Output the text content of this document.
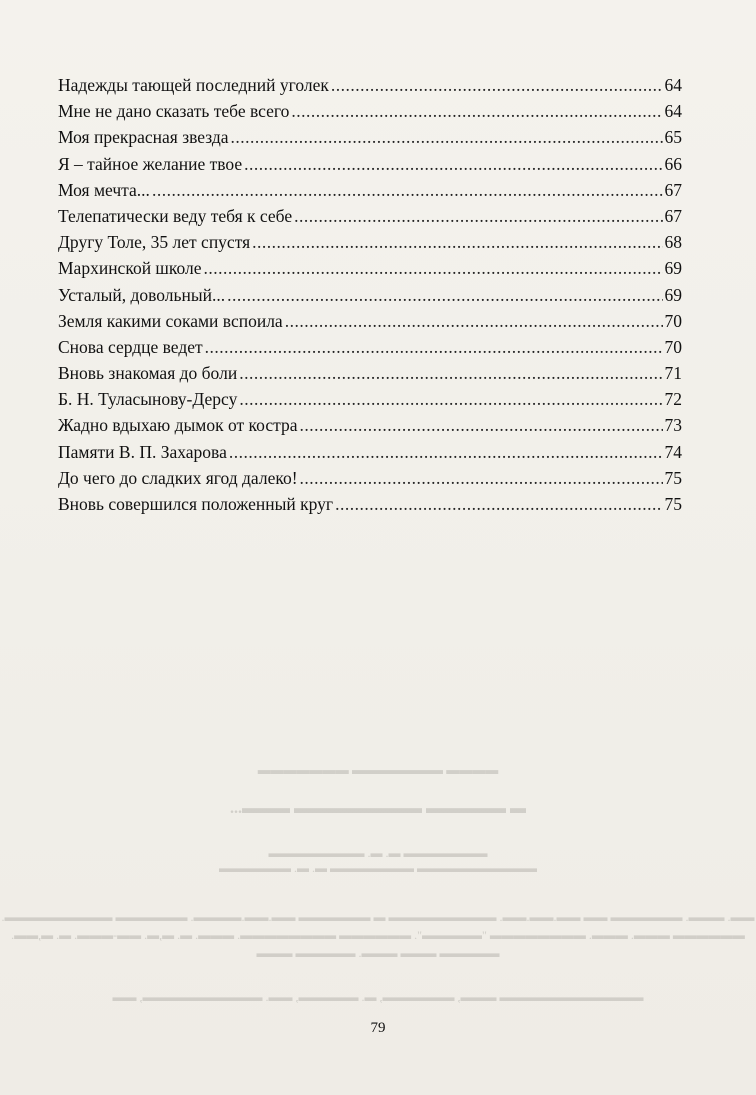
▬▬▬▬ ▬▬▬▬▬▬▬ ▬▬▬▬▬▬▬
▬ ▬▬▬▬▬ ▬▬▬▬▬▬▬▬ ▬▬▬...
▬▬▬▬▬▬▬ ▬. ▬. ▬▬▬▬▬▬▬▬
▬▬▬▬▬▬▬▬▬▬ ▬▬▬▬▬▬▬ ▬. ▬. ▬▬▬▬▬▬
▬▬. ▬▬▬. ▬▬▬▬▬▬ ▬▬ ▬▬.▬▬.▬▬. ▬▬▬▬▬▬▬▬▬ ▬ ▬▬▬▬▬▬ ▬▬.▬▬.▬▬▬▬. ▬▬▬▬▬▬ ▬▬▬▬▬▬▬▬▬.
▬▬▬▬▬▬ ▬▬▬. ▬▬▬. ▬▬▬▬▬▬▬▬ "▬▬▬▬▬". ▬▬▬▬▬▬ ▬▬▬▬▬▬▬▬. ▬▬▬. ▬. ▬,▬. ▬▬-▬▬▬. ▬. ▬,▬▬.
▬▬▬▬▬ ▬▬▬ ▬▬▬. ▬▬▬▬▬ ▬▬▬
▬▬▬▬▬▬▬▬▬▬▬▬ ▬▬▬, ▬▬▬▬▬▬, ▬. ▬▬▬▬▬, ▬▬. ▬▬▬▬▬▬▬▬▬▬, ▬▬
Надежды тающей последний уголек .....	64
Мне не дано сказать тебе всего .....	64
Моя прекрасная звезда .....	65
Я – тайное желание твое .....	66
Моя мечта... .....	67
Телепатически веду тебя к себе .....	67
Другу Толе, 35 лет спустя .....	68
Мархинской школе .....	69
Усталый, довольный... .....	69
Земля какими соками вспоила .....	70
Снова сердце ведет .....	70
Вновь знакомая до боли .....	71
Б. Н. Туласынову-Дерсу .....	72
Жадно вдыхаю дымок от костра .....	73
Памяти В. П. Захарова .....	74
До чего до сладких ягод далеко! .....	75
Вновь совершился положенный круг .....	75
79
